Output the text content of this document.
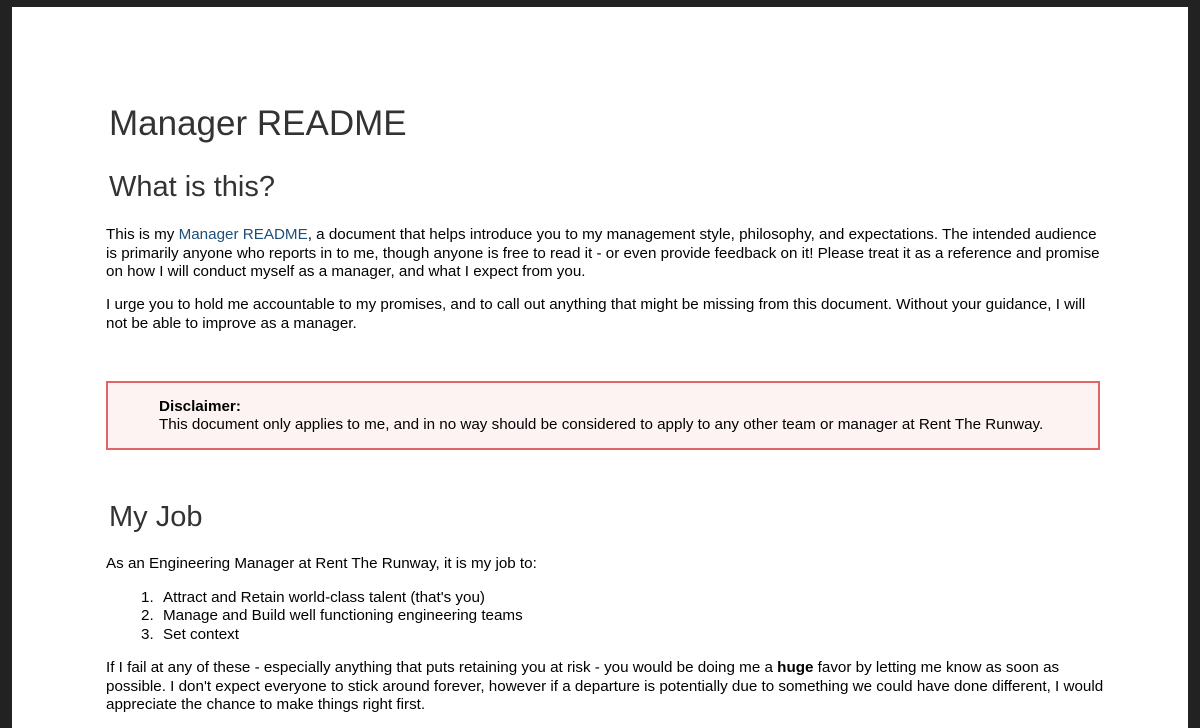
Manager README
What is this?

This is my Manager README, a document that helps introduce you to my management style, philosophy, and expectations. The intended audience is primarily anyone who reports in to me, though anyone is free to read it - or even provide feedback on it! Please treat it as a reference and promise on how I will conduct myself as a manager, and what I expect from you.

I urge you to hold me accountable to my promises, and to call out anything that might be missing from this document. Without your guidance, I will not be able to improve as a manager.

Disclaimer:
This document only applies to me, and in no way should be considered to apply to any other team or manager at Rent The Runway.
My Job

As an Engineering Manager at Rent The Runway, it is my job to:

1. Attract and Retain world-class talent (that's you)
2. Manage and Build well functioning engineering teams
3. Set context

If I fail at any of these - especially anything that puts retaining you at risk - you would be doing me a huge favor by letting me know as soon as possible. I don't expect everyone to stick around forever, however if a departure is potentially due to something we could have done different, I would appreciate the chance to make things right first.
